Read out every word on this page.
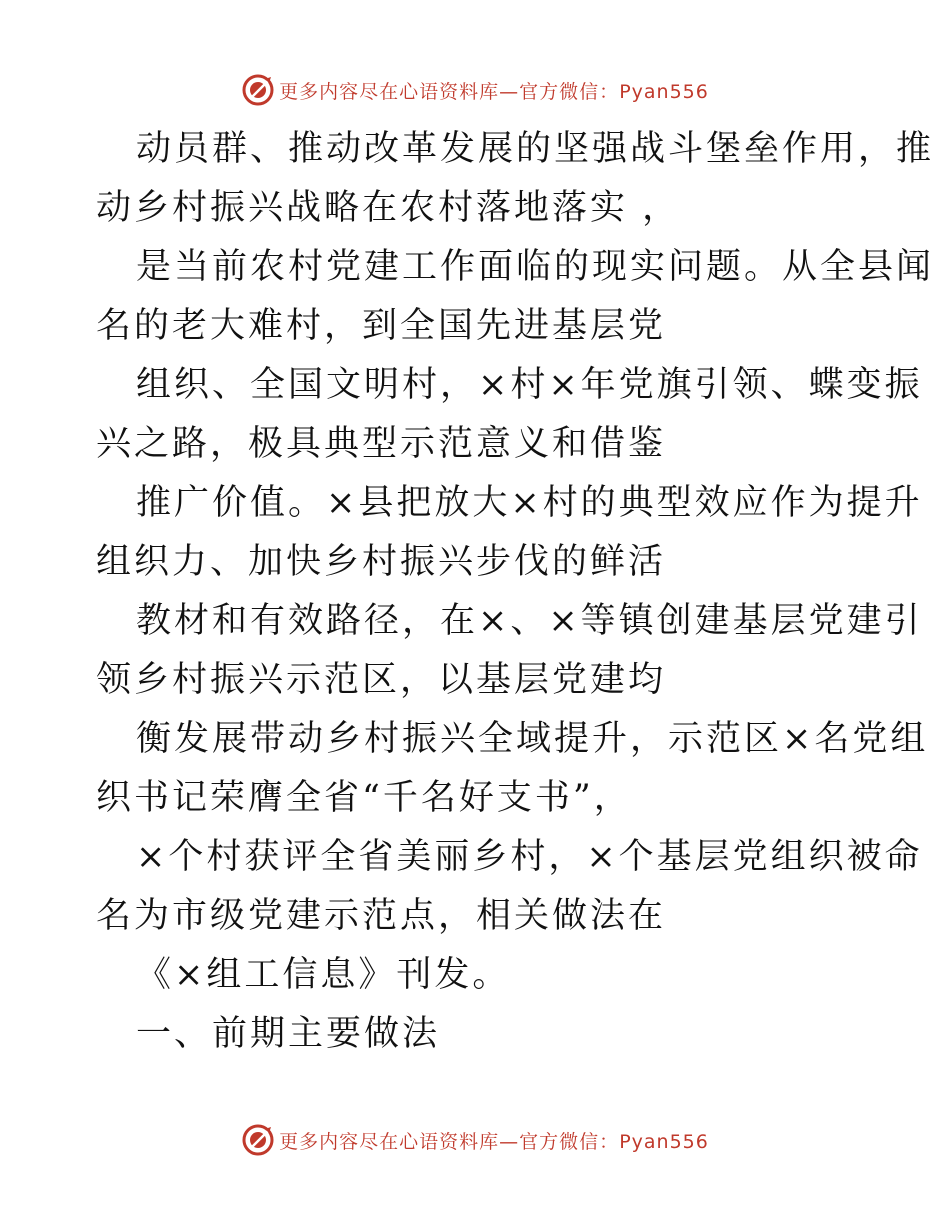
更多内容尽在心语资料库—官方微信：Pyan556
动员群、推动改革发展的坚强战斗堡垒作用，推
动乡村振兴战略在农村落地落实 ，
是当前农村党建工作面临的现实问题。从全县闻
名的老大难村，到全国先进基层党
组织、全国文明村，×村×年党旗引领、蝶变振
兴之路，极具典型示范意义和借鉴
推广价值。×县把放大×村的典型效应作为提升
组织力、加快乡村振兴步伐的鲜活
教材和有效路径，在×、×等镇创建基层党建引
领乡村振兴示范区，以基层党建均
衡发展带动乡村振兴全域提升，示范区×名党组
织书记荣膺全省“千名好支书”，
×个村获评全省美丽乡村，×个基层党组织被命
名为市级党建示范点，相关做法在
《×组工信息》刊发。
一、前期主要做法
更多内容尽在心语资料库—官方微信：Pyan556
